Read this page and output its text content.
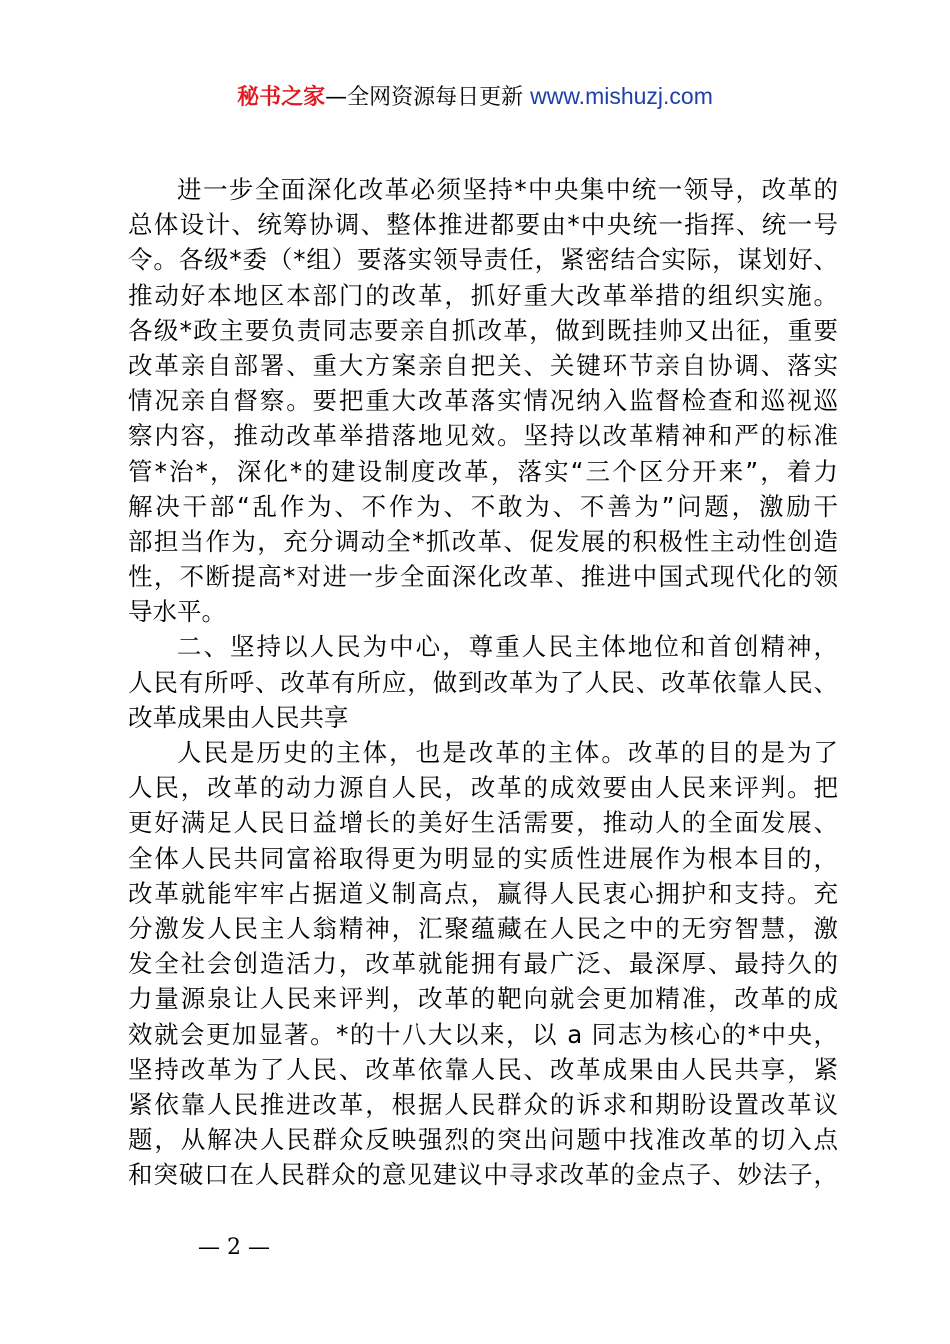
秘书之家—全网资源每日更新 www.mishuzj.com
进一步全面深化改革必须坚持*中央集中统一领导，改革的
总体设计、统筹协调、整体推进都要由*中央统一指挥、统一号
令。各级*委（*组）要落实领导责任，紧密结合实际，谋划好、
推动好本地区本部门的改革，抓好重大改革举措的组织实施。
各级*政主要负责同志要亲自抓改革，做到既挂帅又出征，重要
改革亲自部署、重大方案亲自把关、关键环节亲自协调、落实
情况亲自督察。要把重大改革落实情况纳入监督检查和巡视巡
察内容，推动改革举措落地见效。坚持以改革精神和严的标准
管*治*，深化*的建设制度改革，落实“三个区分开来”，着力
解决干部“乱作为、不作为、不敢为、不善为”问题，激励干
部担当作为，充分调动全*抓改革、促发展的积极性主动性创造
性，不断提高*对进一步全面深化改革、推进中国式现代化的领
导水平。
二、坚持以人民为中心，尊重人民主体地位和首创精神，
人民有所呼、改革有所应，做到改革为了人民、改革依靠人民、
改革成果由人民共享
人民是历史的主体，也是改革的主体。改革的目的是为了
人民，改革的动力源自人民，改革的成效要由人民来评判。把
更好满足人民日益增长的美好生活需要，推动人的全面发展、
全体人民共同富裕取得更为明显的实质性进展作为根本目的，
改革就能牢牢占据道义制高点，赢得人民衷心拥护和支持。充
分激发人民主人翁精神，汇聚蕴藏在人民之中的无穷智慧，激
发全社会创造活力，改革就能拥有最广泛、最深厚、最持久的
力量源泉让人民来评判，改革的靶向就会更加精准，改革的成
效就会更加显著。*的十八大以来，以 a 同志为核心的*中央，
坚持改革为了人民、改革依靠人民、改革成果由人民共享，紧
紧依靠人民推进改革，根据人民群众的诉求和期盼设置改革议
题，从解决人民群众反映强烈的突出问题中找准改革的切入点
和突破口在人民群众的意见建议中寻求改革的金点子、妙法子，
— 2 —
